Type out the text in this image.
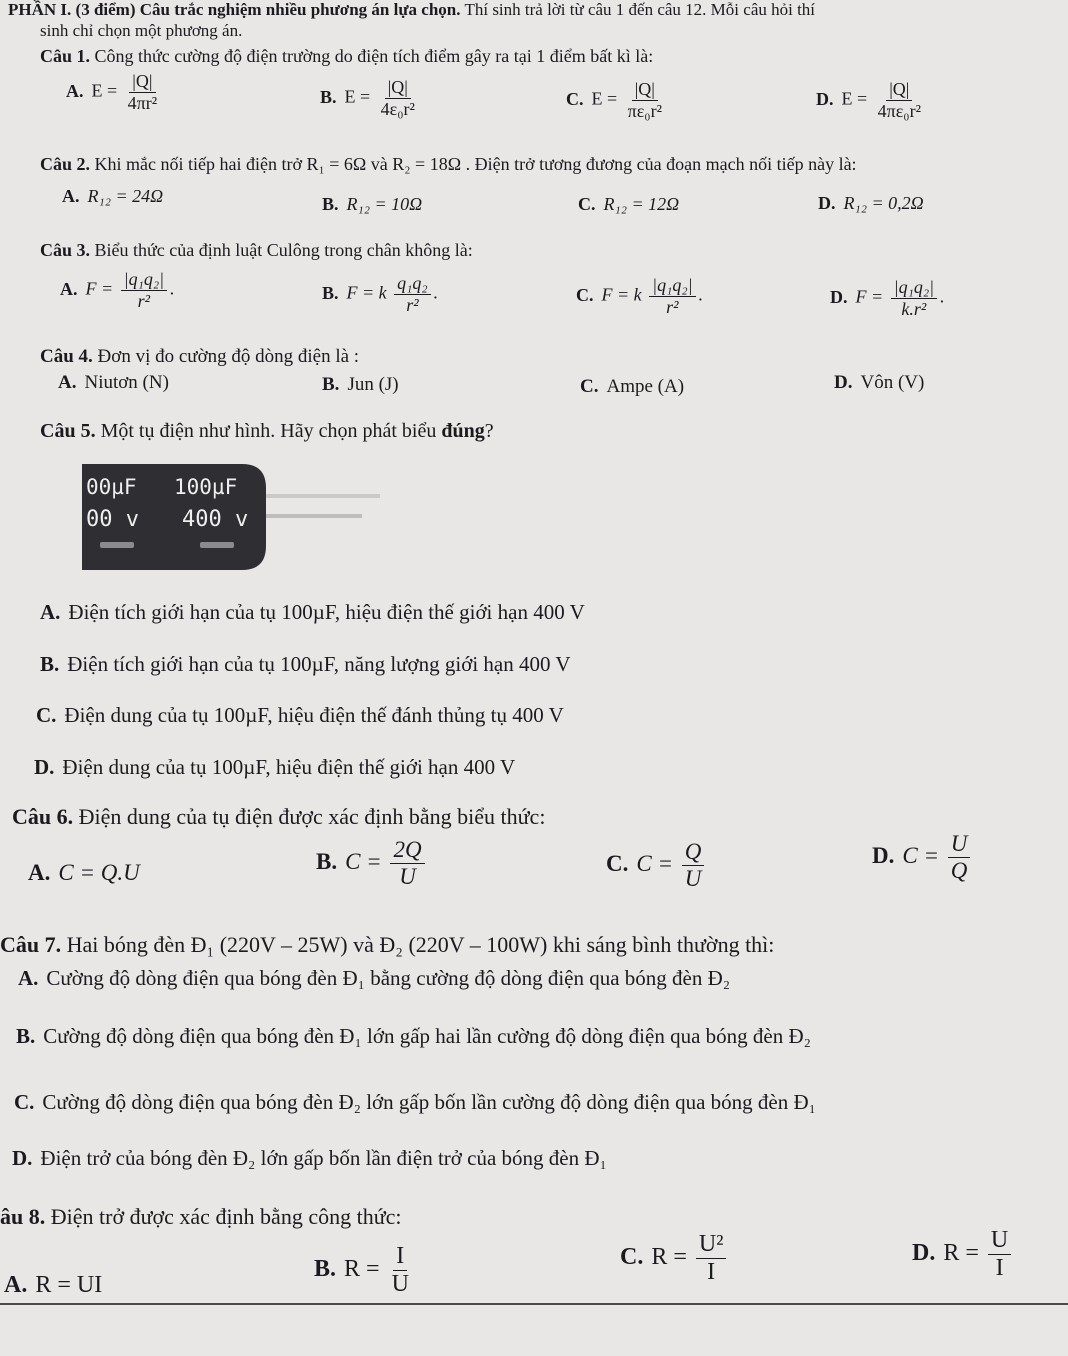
PHẦN I. (3 điểm) Câu trắc nghiệm nhiều phương án lựa chọn. Thí sinh trả lời từ câu 1 đến câu 12. Mỗi câu hỏi thí
sinh chỉ chọn một phương án.
Câu 1. Công thức cường độ điện trường do điện tích điểm gây ra tại 1 điểm bất kì là:
A. $E = \frac{|Q|}{\text{4πr²}}$	B. $E = \frac{|Q|}{\text{4ε₀r²}}$	C. $E = \frac{|Q|}{\text{πε₀r²}}$	D. $E = \frac{|Q|}{\text{4πε₀r²}}$
Câu 2. Khi mắc nối tiếp hai điện trở R₁ = 6Ω và R₂ = 18Ω . Điện trở tương đương của đoạn mạch nối tiếp này là:
A. R₁₂ = 24Ω	B. R₁₂ = 10Ω	C. R₁₂ = 12Ω	D. R₁₂ = 0,2Ω
Câu 3. Biểu thức của định luật Culông trong chân không là:
A. $F = \frac{\text{|q₁q₂|}}{\text{r²}}$ .	B. F = k $\frac{\text{q₁q₂}}{\text{r²}}$ .	C. F = k $\frac{\text{|q₁q₂|}}{\text{r²}}$ .	D. $F = \frac{\text{|q₁q₂|}}{\text{k.r²}}$ .
Câu 4. Đơn vị đo cường độ dòng điện là :
A. Niutơn (N)	B. Jun (J)	C. Ampe (A)	D. Vôn (V)
Câu 5. Một tụ điện như hình. Hãy chọn phát biểu đúng?
00µF 100µF
00 v 400 v
A. Điện tích giới hạn của tụ 100µF, hiệu điện thế giới hạn 400 V
B. Điện tích giới hạn của tụ 100µF, năng lượng giới hạn 400 V
C. Điện dung của tụ 100µF, hiệu điện thế đánh thủng tụ 400 V
D. Điện dung của tụ 100µF, hiệu điện thế giới hạn 400 V
Câu 6. Điện dung của tụ điện được xác định bằng biểu thức:
A. C = Q.U	B. $C = \frac{2Q}{U}$	C. $C = \frac{Q}{U}$	D. $C = \frac{U}{Q}$
Câu 7. Hai bóng đèn Đ₁ (220V – 25W) và Đ₂ (220V – 100W) khi sáng bình thường thì:
A. Cường độ dòng điện qua bóng đèn Đ₁ bằng cường độ dòng điện qua bóng đèn Đ₂
B. Cường độ dòng điện qua bóng đèn Đ₁ lớn gấp hai lần cường độ dòng điện qua bóng đèn Đ₂
C. Cường độ dòng điện qua bóng đèn Đ₂ lớn gấp bốn lần cường độ dòng điện qua bóng đèn Đ₁
D. Điện trở của bóng đèn Đ₂ lớn gấp bốn lần điện trở của bóng đèn Đ₁
âu 8. Điện trở được xác định bằng công thức:
A. R = UI
B. $R = \frac{I}{U}$	C. $R = \frac{\text{U²}}{I}$	D. $R = \frac{U}{I}$
